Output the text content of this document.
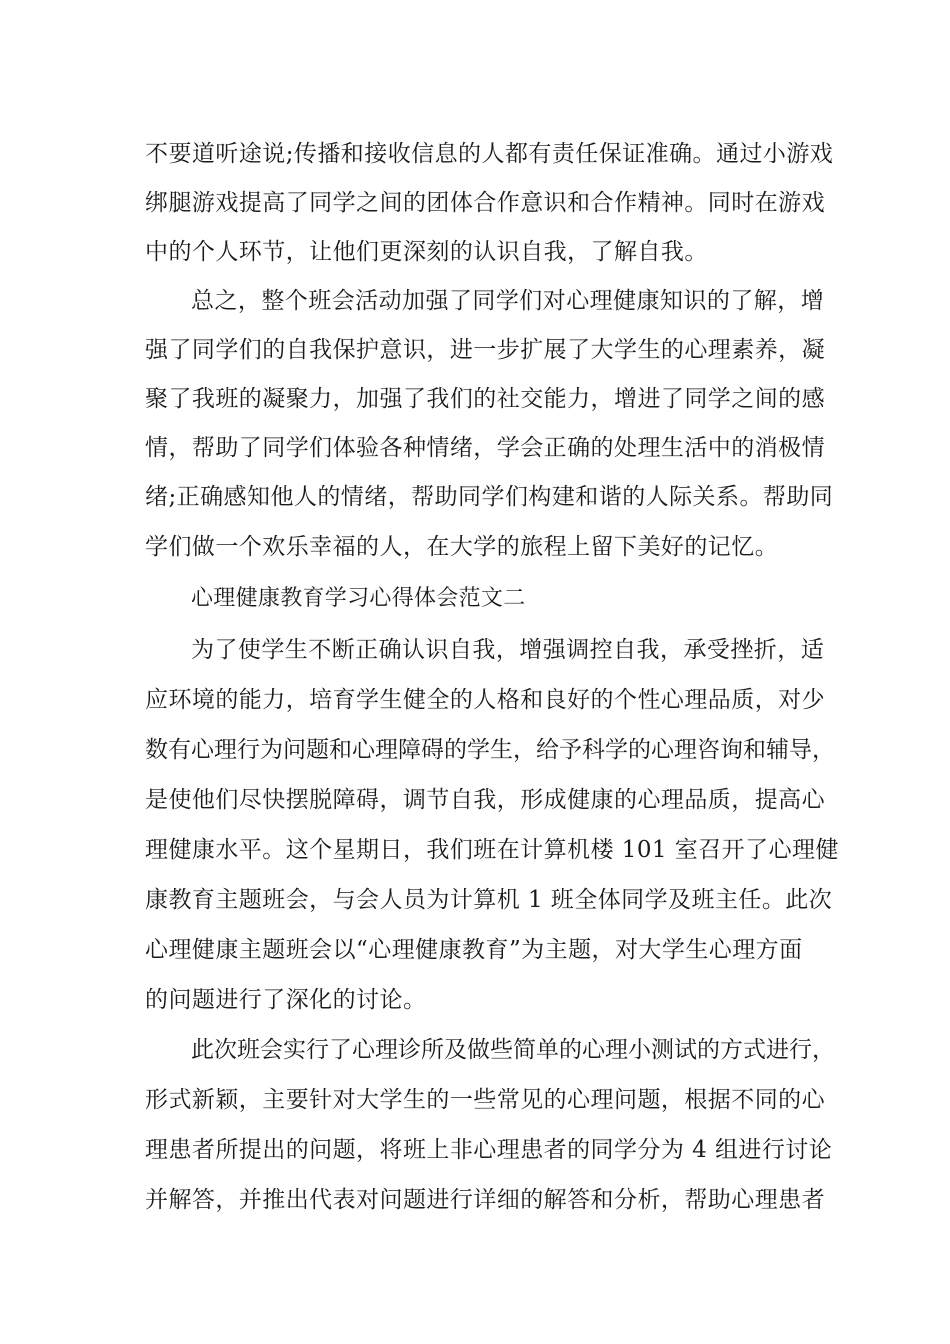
不要道听途说;传播和接收信息的人都有责任保证准确。通过小游戏
绑腿游戏提高了同学之间的团体合作意识和合作精神。同时在游戏
中的个人环节，让他们更深刻的认识自我，了解自我。
总之，整个班会活动加强了同学们对心理健康知识的了解，增
强了同学们的自我保护意识，进一步扩展了大学生的心理素养，凝
聚了我班的凝聚力，加强了我们的社交能力，增进了同学之间的感
情，帮助了同学们体验各种情绪，学会正确的处理生活中的消极情
绪;正确感知他人的情绪，帮助同学们构建和谐的人际关系。帮助同
学们做一个欢乐幸福的人，在大学的旅程上留下美好的记忆。
心理健康教育学习心得体会范文二
为了使学生不断正确认识自我，增强调控自我，承受挫折，适
应环境的能力，培育学生健全的人格和良好的个性心理品质，对少
数有心理行为问题和心理障碍的学生，给予科学的心理咨询和辅导，
是使他们尽快摆脱障碍，调节自我，形成健康的心理品质，提高心
理健康水平。这个星期日，我们班在计算机楼 101 室召开了心理健
康教育主题班会，与会人员为计算机 1 班全体同学及班主任。此次
心理健康主题班会以“心理健康教育”为主题，对大学生心理方面
的问题进行了深化的讨论。
此次班会实行了心理诊所及做些简单的心理小测试的方式进行，
形式新颖，主要针对大学生的一些常见的心理问题，根据不同的心
理患者所提出的问题，将班上非心理患者的同学分为 4 组进行讨论
并解答，并推出代表对问题进行详细的解答和分析，帮助心理患者
